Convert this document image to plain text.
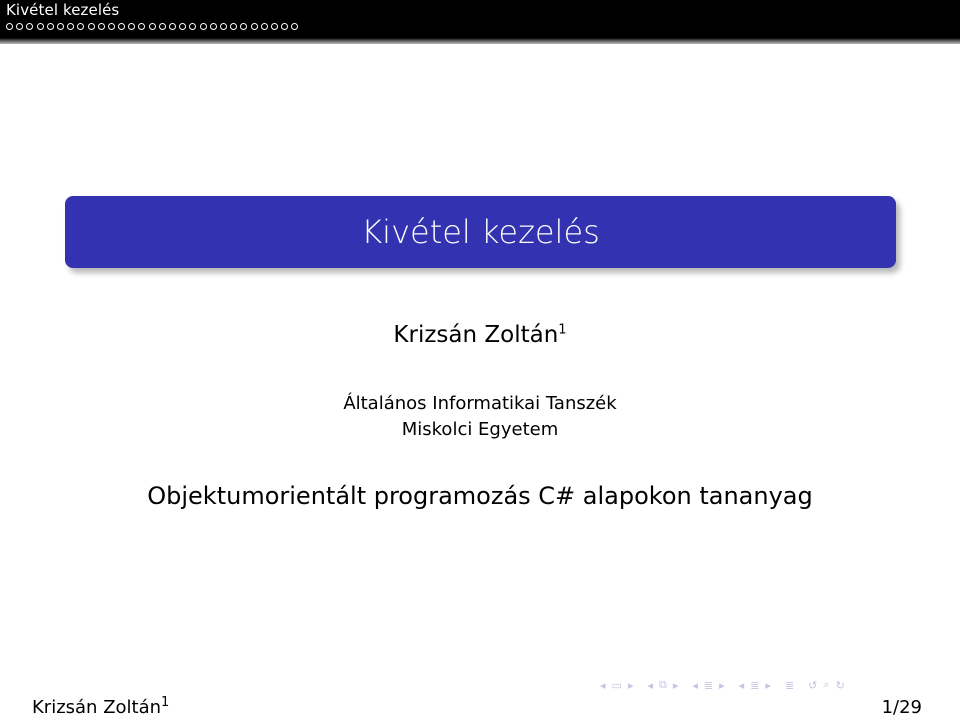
Kivétel kezelés
Kivétel kezelés
Krizsán Zoltán$^1$
Általános Informatikai Tanszék
Miskolci Egyetem
Objektumorientált programozás C# alapokon tananyag
◂ ▭ ▸ ◂ ⧉ ▸ ◂ ≣ ▸ ◂ ≣ ▸ ≣ ↺ ⌕ ↻
Krizsán Zoltán$^1$	1/29
